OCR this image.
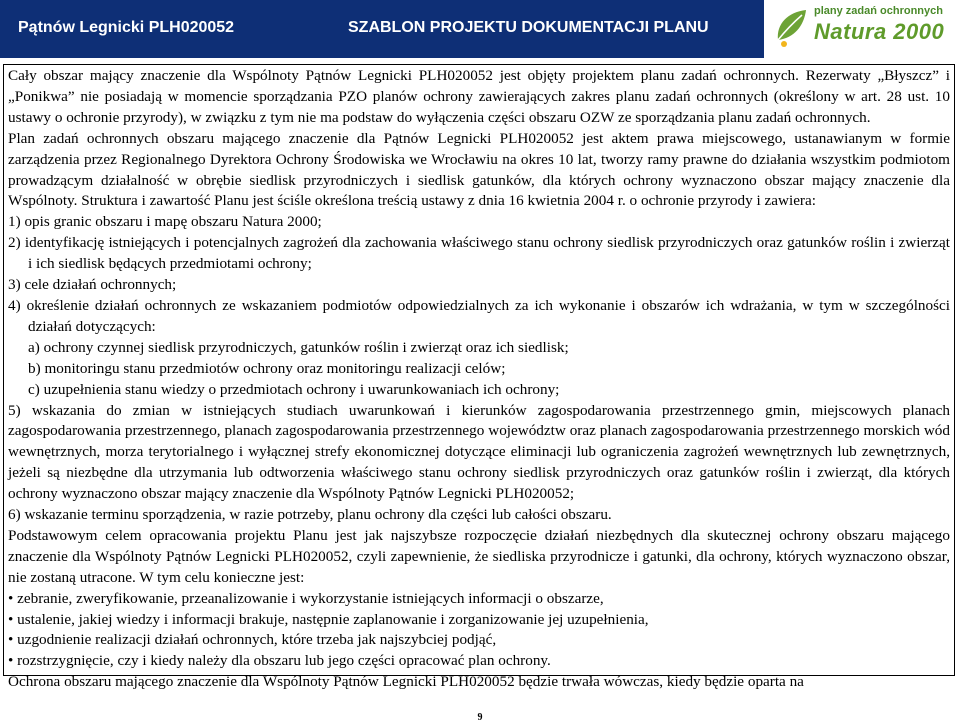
Pątnów Legnicki PLH020052	SZABLON PROJEKTU DOKUMENTACJI PLANU
plany zadań ochronnych
Natura 2000

Cały obszar mający znaczenie dla Wspólnoty Pątnów Legnicki PLH020052 jest objęty projektem planu zadań ochronnych. Rezerwaty „Błyszcz” i „Ponikwa” nie posiadają w momencie sporządzania PZO planów ochrony zawierających zakres planu zadań ochronnych (określony w art. 28 ust. 10 ustawy o ochronie przyrody), w związku z tym nie ma podstaw do wyłączenia części obszaru OZW ze sporządzania planu zadań ochronnych.

Plan zadań ochronnych obszaru mającego znaczenie dla Pątnów Legnicki PLH020052 jest aktem prawa miejscowego, ustanawianym w formie zarządzenia przez Regionalnego Dyrektora Ochrony Środowiska we Wrocławiu na okres 10 lat, tworzy ramy prawne do działania wszystkim podmiotom prowadzącym działalność w obrębie siedlisk przyrodniczych i siedlisk gatunków, dla których ochrony wyznaczono obszar mający znaczenie dla Wspólnoty. Struktura i zawartość Planu jest ściśle określona treścią ustawy z dnia 16 kwietnia 2004 r. o ochronie przyrody i zawiera:

1) opis granic obszaru i mapę obszaru Natura 2000;

2) identyfikację istniejących i potencjalnych zagrożeń dla zachowania właściwego stanu ochrony siedlisk przyrodniczych oraz gatunków roślin i zwierząt i ich siedlisk będących przedmiotami ochrony;

3) cele działań ochronnych;

4) określenie działań ochronnych ze wskazaniem podmiotów odpowiedzialnych za ich wykonanie i obszarów ich wdrażania, w tym w szczególności działań dotyczących:

a) ochrony czynnej siedlisk przyrodniczych, gatunków roślin i zwierząt oraz ich siedlisk;

b) monitoringu stanu przedmiotów ochrony oraz monitoringu realizacji celów;

c) uzupełnienia stanu wiedzy o przedmiotach ochrony i uwarunkowaniach ich ochrony;

5) wskazania do zmian w istniejących studiach uwarunkowań i kierunków zagospodarowania przestrzennego gmin, miejscowych planach zagospodarowania przestrzennego, planach zagospodarowania przestrzennego województw oraz planach zagospodarowania przestrzennego morskich wód wewnętrznych, morza terytorialnego i wyłącznej strefy ekonomicznej dotyczące eliminacji lub ograniczenia zagrożeń wewnętrznych lub zewnętrznych, jeżeli są niezbędne dla utrzymania lub odtworzenia właściwego stanu ochrony siedlisk przyrodniczych oraz gatunków roślin i zwierząt, dla których ochrony wyznaczono obszar mający znaczenie dla Wspólnoty Pątnów Legnicki PLH020052;

6) wskazanie terminu sporządzenia, w razie potrzeby, planu ochrony dla części lub całości obszaru.

Podstawowym celem opracowania projektu Planu jest jak najszybsze rozpoczęcie działań niezbędnych dla skutecznej ochrony obszaru mającego znaczenie dla Wspólnoty Pątnów Legnicki PLH020052, czyli zapewnienie, że siedliska przyrodnicze i gatunki, dla ochrony, których wyznaczono obszar, nie zostaną utracone. W tym celu konieczne jest:

• zebranie, zweryfikowanie, przeanalizowanie i wykorzystanie istniejących informacji o obszarze,

• ustalenie, jakiej wiedzy i informacji brakuje, następnie zaplanowanie i zorganizowanie jej uzupełnienia,

• uzgodnienie realizacji działań ochronnych, które trzeba jak najszybciej podjąć,

• rozstrzygnięcie, czy i kiedy należy dla obszaru lub jego części opracować plan ochrony.

Ochrona obszaru mającego znaczenie dla Wspólnoty Pątnów Legnicki PLH020052 będzie trwała wówczas, kiedy będzie oparta na

9
